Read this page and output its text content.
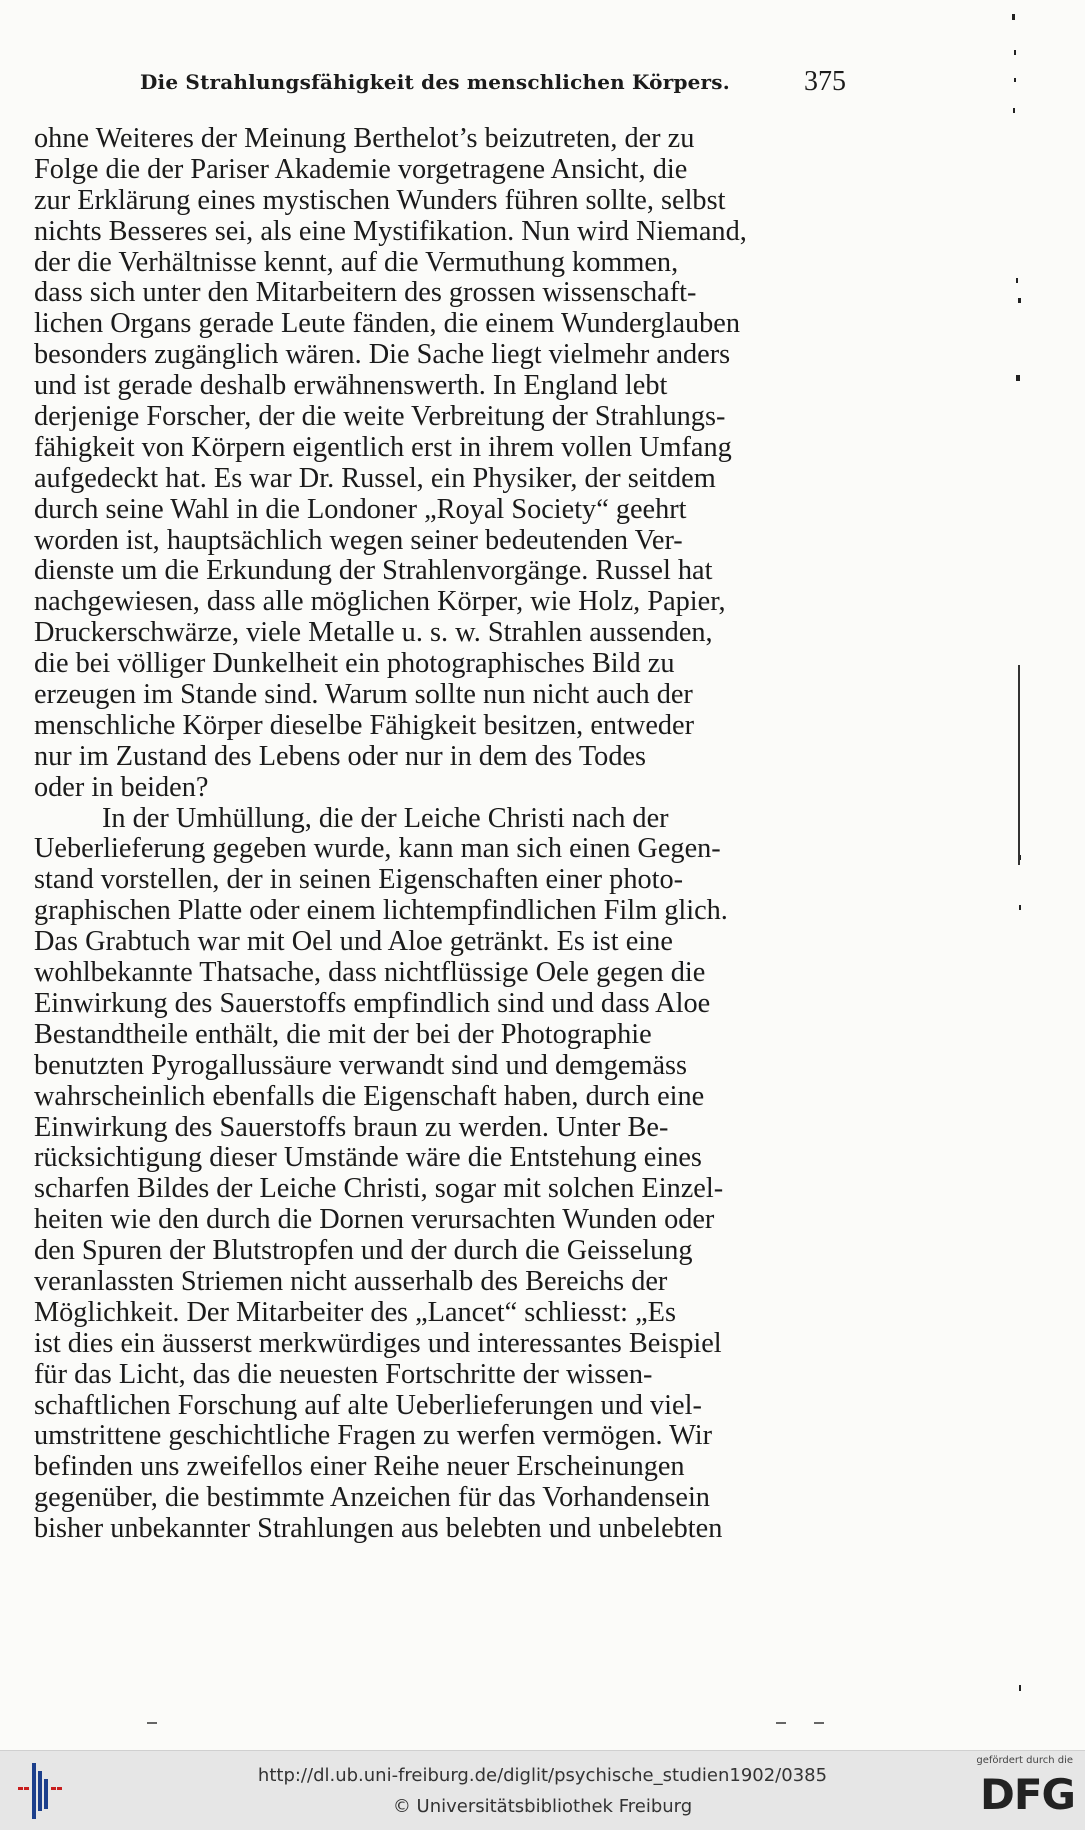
Die Strahlungsfähigkeit des menschlichen Körpers.	375
ohne Weiteres der Meinung Berthelot’s beizutreten, der zu
Folge die der Pariser Akademie vorgetragene Ansicht, die
zur Erklärung eines mystischen Wunders führen sollte, selbst
nichts Besseres sei, als eine Mystifikation. Nun wird Niemand,
der die Verhältnisse kennt, auf die Vermuthung kommen,
dass sich unter den Mitarbeitern des grossen wissenschaft-
lichen Organs gerade Leute fänden, die einem Wunderglauben
besonders zugänglich wären. Die Sache liegt vielmehr anders
und ist gerade deshalb erwähnenswerth. In England lebt
derjenige Forscher, der die weite Verbreitung der Strahlungs-
fähigkeit von Körpern eigentlich erst in ihrem vollen Umfang
aufgedeckt hat. Es war Dr. Russel, ein Physiker, der seitdem
durch seine Wahl in die Londoner „Royal Society“ geehrt
worden ist, hauptsächlich wegen seiner bedeutenden Ver-
dienste um die Erkundung der Strahlenvorgänge. Russel hat
nachgewiesen, dass alle möglichen Körper, wie Holz, Papier,
Druckerschwärze, viele Metalle u. s. w. Strahlen aussenden,
die bei völliger Dunkelheit ein photographisches Bild zu
erzeugen im Stande sind. Warum sollte nun nicht auch der
menschliche Körper dieselbe Fähigkeit besitzen, entweder
nur im Zustand des Lebens oder nur in dem des Todes
oder in beiden?
In der Umhüllung, die der Leiche Christi nach der
Ueberlieferung gegeben wurde, kann man sich einen Gegen-
stand vorstellen, der in seinen Eigenschaften einer photo-
graphischen Platte oder einem lichtempfindlichen Film glich.
Das Grabtuch war mit Oel und Aloe getränkt. Es ist eine
wohlbekannte Thatsache, dass nichtflüssige Oele gegen die
Einwirkung des Sauerstoffs empfindlich sind und dass Aloe
Bestandtheile enthält, die mit der bei der Photographie
benutzten Pyrogallussäure verwandt sind und demgemäss
wahrscheinlich ebenfalls die Eigenschaft haben, durch eine
Einwirkung des Sauerstoffs braun zu werden. Unter Be-
rücksichtigung dieser Umstände wäre die Entstehung eines
scharfen Bildes der Leiche Christi, sogar mit solchen Einzel-
heiten wie den durch die Dornen verursachten Wunden oder
den Spuren der Blutstropfen und der durch die Geisselung
veranlassten Striemen nicht ausserhalb des Bereichs der
Möglichkeit. Der Mitarbeiter des „Lancet“ schliesst: „Es
ist dies ein äusserst merkwürdiges und interessantes Beispiel
für das Licht, das die neuesten Fortschritte der wissen-
schaftlichen Forschung auf alte Ueberlieferungen und viel-
umstrittene geschichtliche Fragen zu werfen vermögen. Wir
befinden uns zweifellos einer Reihe neuer Erscheinungen
gegenüber, die bestimmte Anzeichen für das Vorhandensein
bisher unbekannter Strahlungen aus belebten und unbelebten
http://dl.ub.uni-freiburg.de/diglit/psychische_studien1902/0385
© Universitätsbibliothek Freiburg
gefördert durch die
DFG
